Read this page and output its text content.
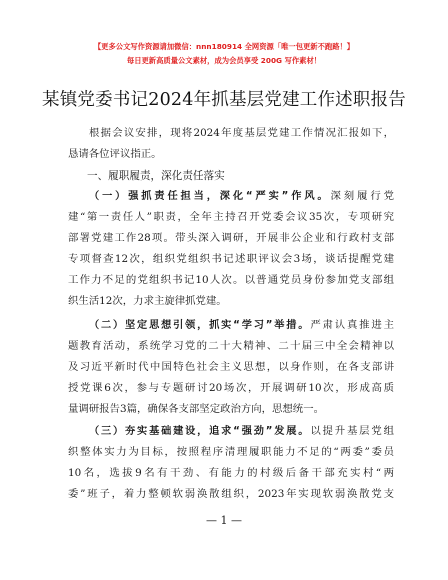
【更多公文写作资源请加微信：nnn180914 全网资源「唯一包更新不跑路！】
每日更新高质量公文素材，成为会员享受 200G 写作素材！
某镇党委书记2024年抓基层党建工作述职报告

根据会议安排，现将2024年度基层党建工作情况汇报如下，

恳请各位评议指正。

一、履职履责，深化责任落实

（一）强抓责任担当，深化“严实”作风。深刻履行党

建“第一责任人”职责，全年主持召开党委会议35次，专项研究

部署党建工作28项。带头深入调研，开展非公企业和行政村支部

专项督查12次，组织党组织书记述职评议会3场，谈话提醒党建

工作力不足的党组织书记10人次。以普通党员身份参加党支部组

织生活12次，力求主旋律抓党建。

（二）坚定思想引领，抓实“学习”举措。严肃认真推进主

题教育活动，系统学习党的二十大精神、二十届三中全会精神以

及习近平新时代中国特色社会主义思想，以身作则，在各支部讲

授党课6次，参与专题研讨20场次，开展调研10次，形成高质

量调研报告3篇，确保各支部坚定政治方向，思想统一。

（三）夯实基础建设，追求“强劲”发展。以提升基层党组

织整体实力为目标，按照程序清理履职能力不足的“两委”委员

10名，选拔9名有干劲、有能力的村级后备干部充实村“两

委”班子，着力整顿软弱涣散组织，2023年实现软弱涣散党支

— 1 —
